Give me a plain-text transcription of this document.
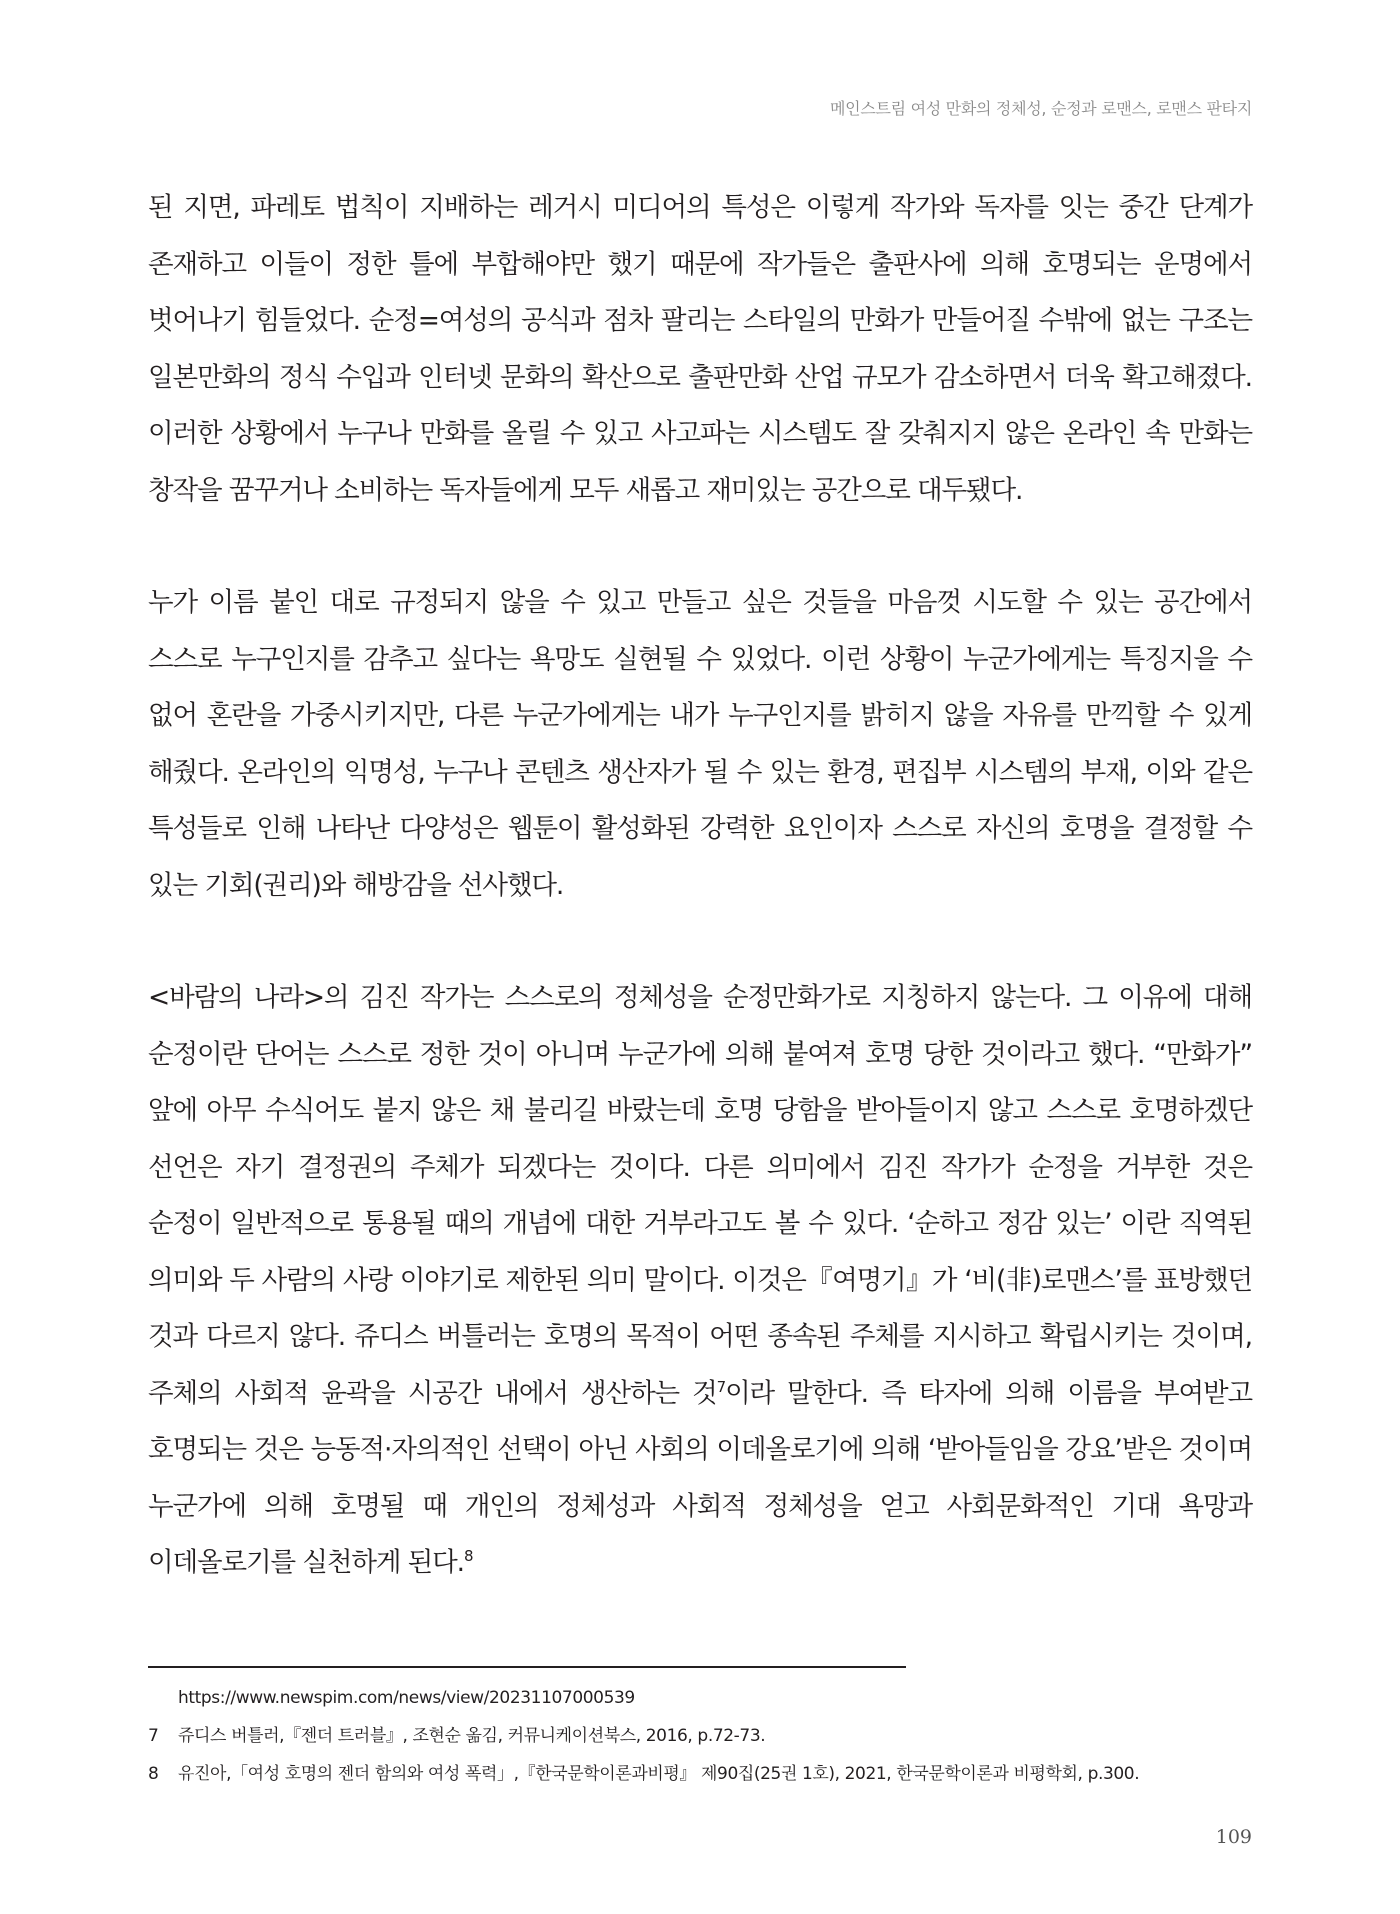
메인스트림 여성 만화의 정체성, 순정과 로맨스, 로맨스 판타지

된 지면, 파레토 법칙이 지배하는 레거시 미디어의 특성은 이렇게 작가와 독자를 잇는 중간 단계가 존재하고 이들이 정한 틀에 부합해야만 했기 때문에 작가들은 출판사에 의해 호명되는 운명에서 벗어나기 힘들었다. 순정=여성의 공식과 점차 팔리는 스타일의 만화가 만들어질 수밖에 없는 구조는 일본만화의 정식 수입과 인터넷 문화의 확산으로 출판만화 산업 규모가 감소하면서 더욱 확고해졌다. 이러한 상황에서 누구나 만화를 올릴 수 있고 사고파는 시스템도 잘 갖춰지지 않은 온라인 속 만화는 창작을 꿈꾸거나 소비하는 독자들에게 모두 새롭고 재미있는 공간으로 대두됐다.

누가 이름 붙인 대로 규정되지 않을 수 있고 만들고 싶은 것들을 마음껏 시도할 수 있는 공간에서 스스로 누구인지를 감추고 싶다는 욕망도 실현될 수 있었다. 이런 상황이 누군가에게는 특징지을 수 없어 혼란을 가중시키지만, 다른 누군가에게는 내가 누구인지를 밝히지 않을 자유를 만끽할 수 있게 해줬다. 온라인의 익명성, 누구나 콘텐츠 생산자가 될 수 있는 환경, 편집부 시스템의 부재, 이와 같은 특성들로 인해 나타난 다양성은 웹툰이 활성화된 강력한 요인이자 스스로 자신의 호명을 결정할 수 있는 기회(권리)와 해방감을 선사했다.

<바람의 나라>의 김진 작가는 스스로의 정체성을 순정만화가로 지칭하지 않는다. 그 이유에 대해 순정이란 단어는 스스로 정한 것이 아니며 누군가에 의해 붙여져 호명 당한 것이라고 했다. “만화가” 앞에 아무 수식어도 붙지 않은 채 불리길 바랐는데 호명 당함을 받아들이지 않고 스스로 호명하겠단 선언은 자기 결정권의 주체가 되겠다는 것이다. 다른 의미에서 김진 작가가 순정을 거부한 것은 순정이 일반적으로 통용될 때의 개념에 대한 거부라고도 볼 수 있다. ‘순하고 정감 있는’ 이란 직역된 의미와 두 사람의 사랑 이야기로 제한된 의미 말이다. 이것은『여명기』가 ‘비(非)로맨스’를 표방했던 것과 다르지 않다. 쥬디스 버틀러는 호명의 목적이 어떤 종속된 주체를 지시하고 확립시키는 것이며, 주체의 사회적 윤곽을 시공간 내에서 생산하는 것$^7$이라 말한다. 즉 타자에 의해 이름을 부여받고 호명되는 것은 능동적·자의적인 선택이 아닌 사회의 이데올로기에 의해 ‘받아들임을 강요’받은 것이며 누군가에 의해 호명될 때 개인의 정체성과 사회적 정체성을 얻고 사회문화적인 기대 욕망과 이데올로기를 실천하게 된다.$^8$

https://www.newspim.com/news/view/20231107000539
7 쥬디스 버틀러,『젠더 트러블』, 조현순 옮김, 커뮤니케이션북스, 2016, p.72-73.
8 유진아,「여성 호명의 젠더 함의와 여성 폭력」,『한국문학이론과비평』 제90집(25권 1호), 2021, 한국문학이론과 비평학회, p.300.
109
